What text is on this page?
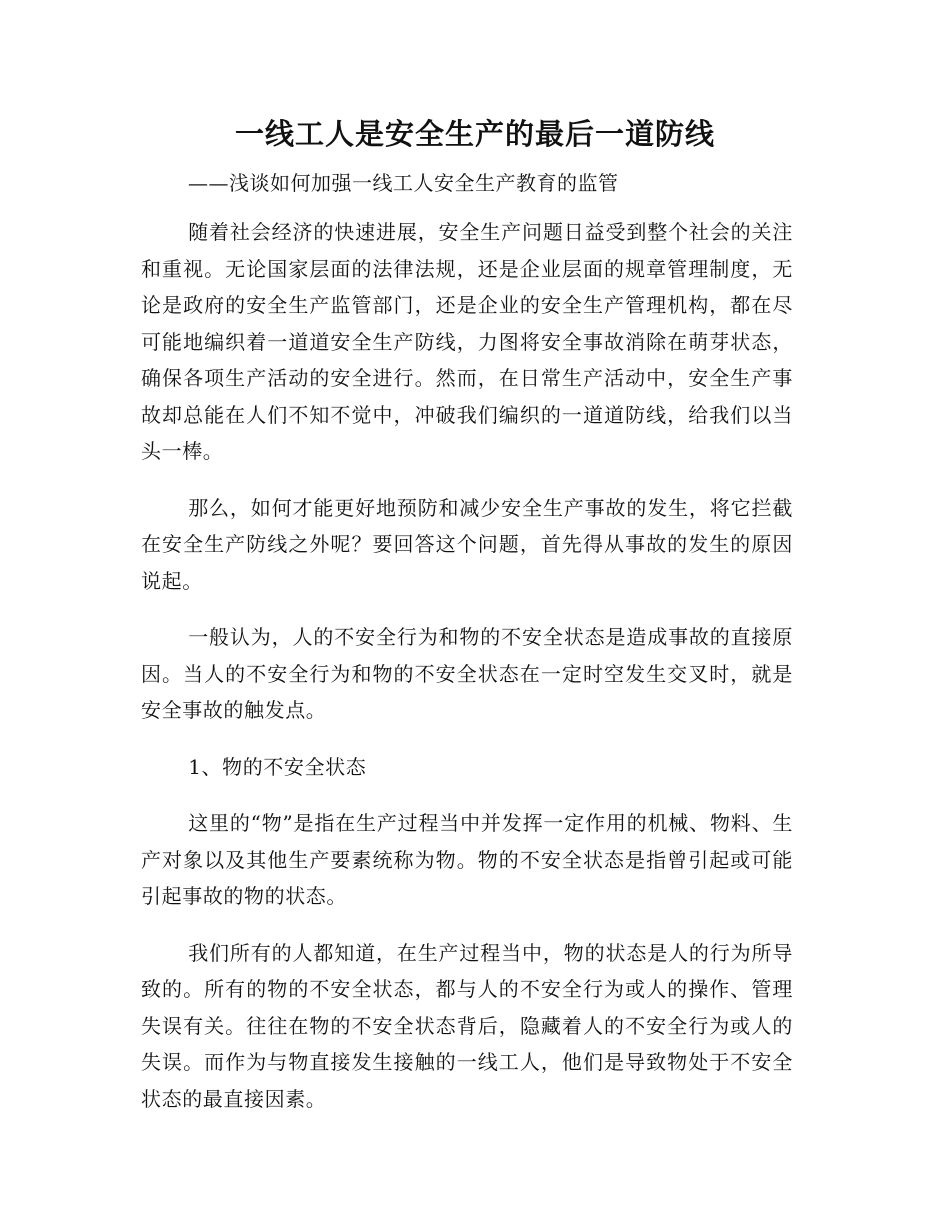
一线工人是安全生产的最后一道防线

——浅谈如何加强一线工人安全生产教育的监管

随着社会经济的快速进展，安全生产问题日益受到整个社会的关注和重视。无论国家层面的法律法规，还是企业层面的规章管理制度，无论是政府的安全生产监管部门，还是企业的安全生产管理机构，都在尽可能地编织着一道道安全生产防线，力图将安全事故消除在萌芽状态，确保各项生产活动的安全进行。然而，在日常生产活动中，安全生产事故却总能在人们不知不觉中，冲破我们编织的一道道防线，给我们以当头一棒。

那么，如何才能更好地预防和减少安全生产事故的发生，将它拦截在安全生产防线之外呢？要回答这个问题，首先得从事故的发生的原因说起。

一般认为，人的不安全行为和物的不安全状态是造成事故的直接原因。当人的不安全行为和物的不安全状态在一定时空发生交叉时，就是安全事故的触发点。

1、物的不安全状态

这里的“物”是指在生产过程当中并发挥一定作用的机械、物料、生产对象以及其他生产要素统称为物。物的不安全状态是指曾引起或可能引起事故的物的状态。

我们所有的人都知道，在生产过程当中，物的状态是人的行为所导致的。所有的物的不安全状态，都与人的不安全行为或人的操作、管理失误有关。往往在物的不安全状态背后，隐藏着人的不安全行为或人的失误。而作为与物直接发生接触的一线工人，他们是导致物处于不安全状态的最直接因素。
